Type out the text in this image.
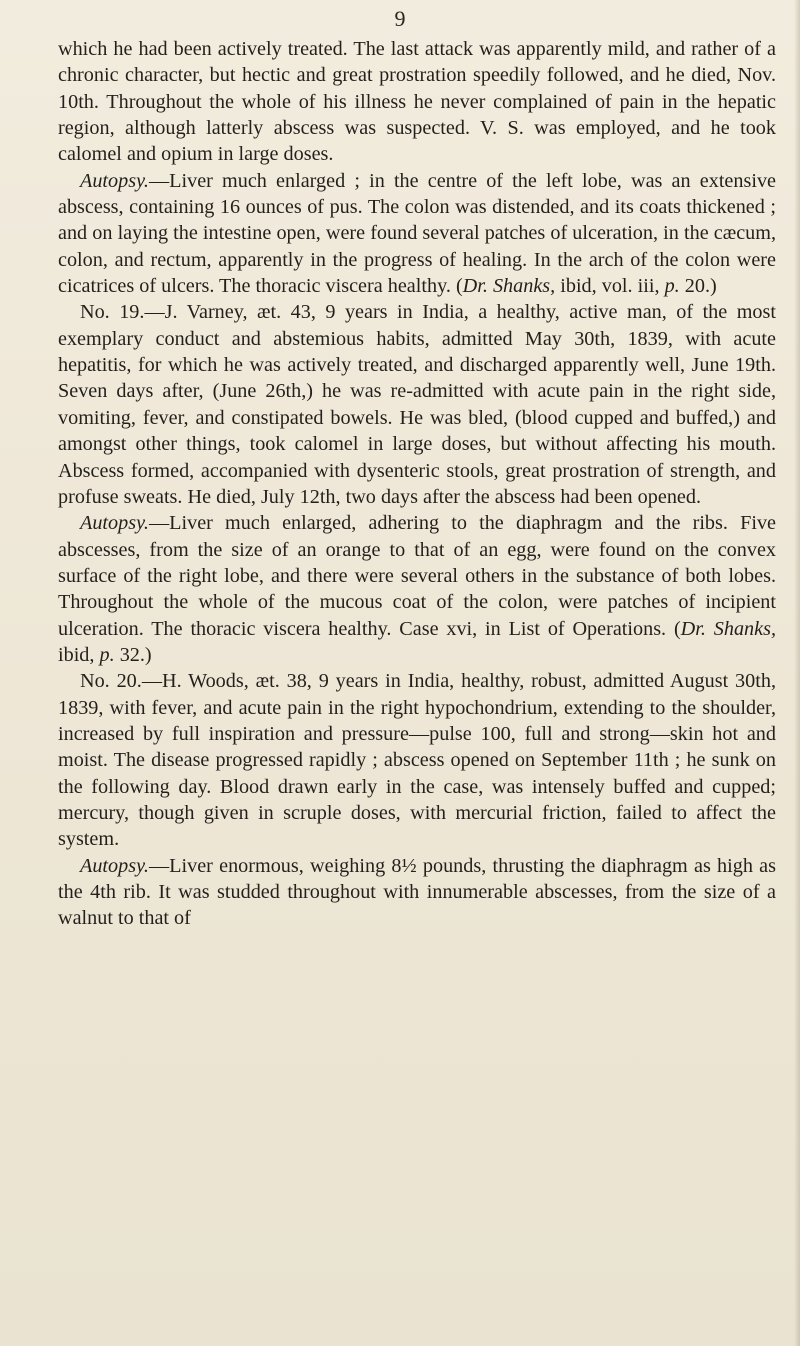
9

which he had been actively treated. The last attack was apparently mild, and rather of a chronic character, but hectic and great prostration speedily followed, and he died, Nov. 10th. Throughout the whole of his illness he never complained of pain in the hepatic region, although latterly abscess was suspected. V. S. was employed, and he took calomel and opium in large doses.

Autopsy.—Liver much enlarged ; in the centre of the left lobe, was an extensive abscess, containing 16 ounces of pus. The colon was distended, and its coats thickened ; and on laying the intestine open, were found several patches of ulceration, in the cæcum, colon, and rectum, apparently in the progress of healing. In the arch of the colon were cicatrices of ulcers. The thoracic viscera healthy. (Dr. Shanks, ibid, vol. iii, p. 20.)

No. 19.—J. Varney, æt. 43, 9 years in India, a healthy, active man, of the most exemplary conduct and abstemious habits, admitted May 30th, 1839, with acute hepatitis, for which he was actively treated, and discharged apparently well, June 19th. Seven days after, (June 26th,) he was re-admitted with acute pain in the right side, vomiting, fever, and constipated bowels. He was bled, (blood cupped and buffed,) and amongst other things, took calomel in large doses, but without affecting his mouth. Abscess formed, accompanied with dysenteric stools, great prostration of strength, and profuse sweats. He died, July 12th, two days after the abscess had been opened.

Autopsy.—Liver much enlarged, adhering to the diaphragm and the ribs. Five abscesses, from the size of an orange to that of an egg, were found on the convex surface of the right lobe, and there were several others in the substance of both lobes. Throughout the whole of the mucous coat of the colon, were patches of incipient ulceration. The thoracic viscera healthy. Case xvi, in List of Operations. (Dr. Shanks, ibid, p. 32.)

No. 20.—H. Woods, æt. 38, 9 years in India, healthy, robust, admitted August 30th, 1839, with fever, and acute pain in the right hypochondrium, extending to the shoulder, increased by full inspiration and pressure—pulse 100, full and strong—skin hot and moist. The disease progressed rapidly ; abscess opened on September 11th ; he sunk on the following day. Blood drawn early in the case, was intensely buffed and cupped; mercury, though given in scruple doses, with mercurial friction, failed to affect the system.

Autopsy.—Liver enormous, weighing 8½ pounds, thrusting the diaphragm as high as the 4th rib. It was studded throughout with innumerable abscesses, from the size of a walnut to that of
